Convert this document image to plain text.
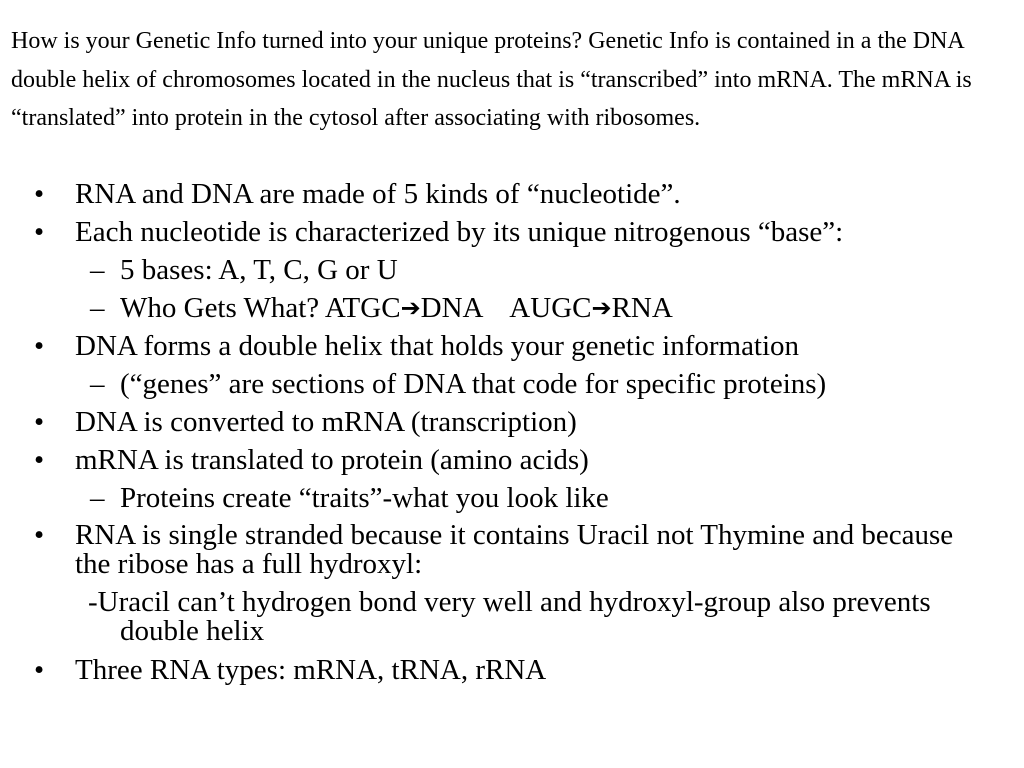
How is your Genetic Info turned into your unique proteins? Genetic Info is contained in a the DNA double helix of chromosomes located in the nucleus that is “transcribed” into mRNA. The mRNA is “translated” into protein in the cytosol after associating with ribosomes.

• RNA and DNA are made of 5 kinds of “nucleotide”.
• Each nucleotide is characterized by its unique nitrogenous “base”:
– 5 bases: A, T, C, G or U
– Who Gets What? ATGC➔DNA    AUGC➔RNA
• DNA forms a double helix that holds your genetic information
– (“genes” are sections of DNA that code for specific proteins)
• DNA is converted to mRNA (transcription)
• mRNA is translated to protein (amino acids)
– Proteins create “traits”-what you look like
• RNA is single stranded because it contains Uracil not Thymine and because the ribose has a full hydroxyl:
-Uracil can’t hydrogen bond very well and hydroxyl-group also prevents double helix
• Three RNA types: mRNA, tRNA, rRNA
